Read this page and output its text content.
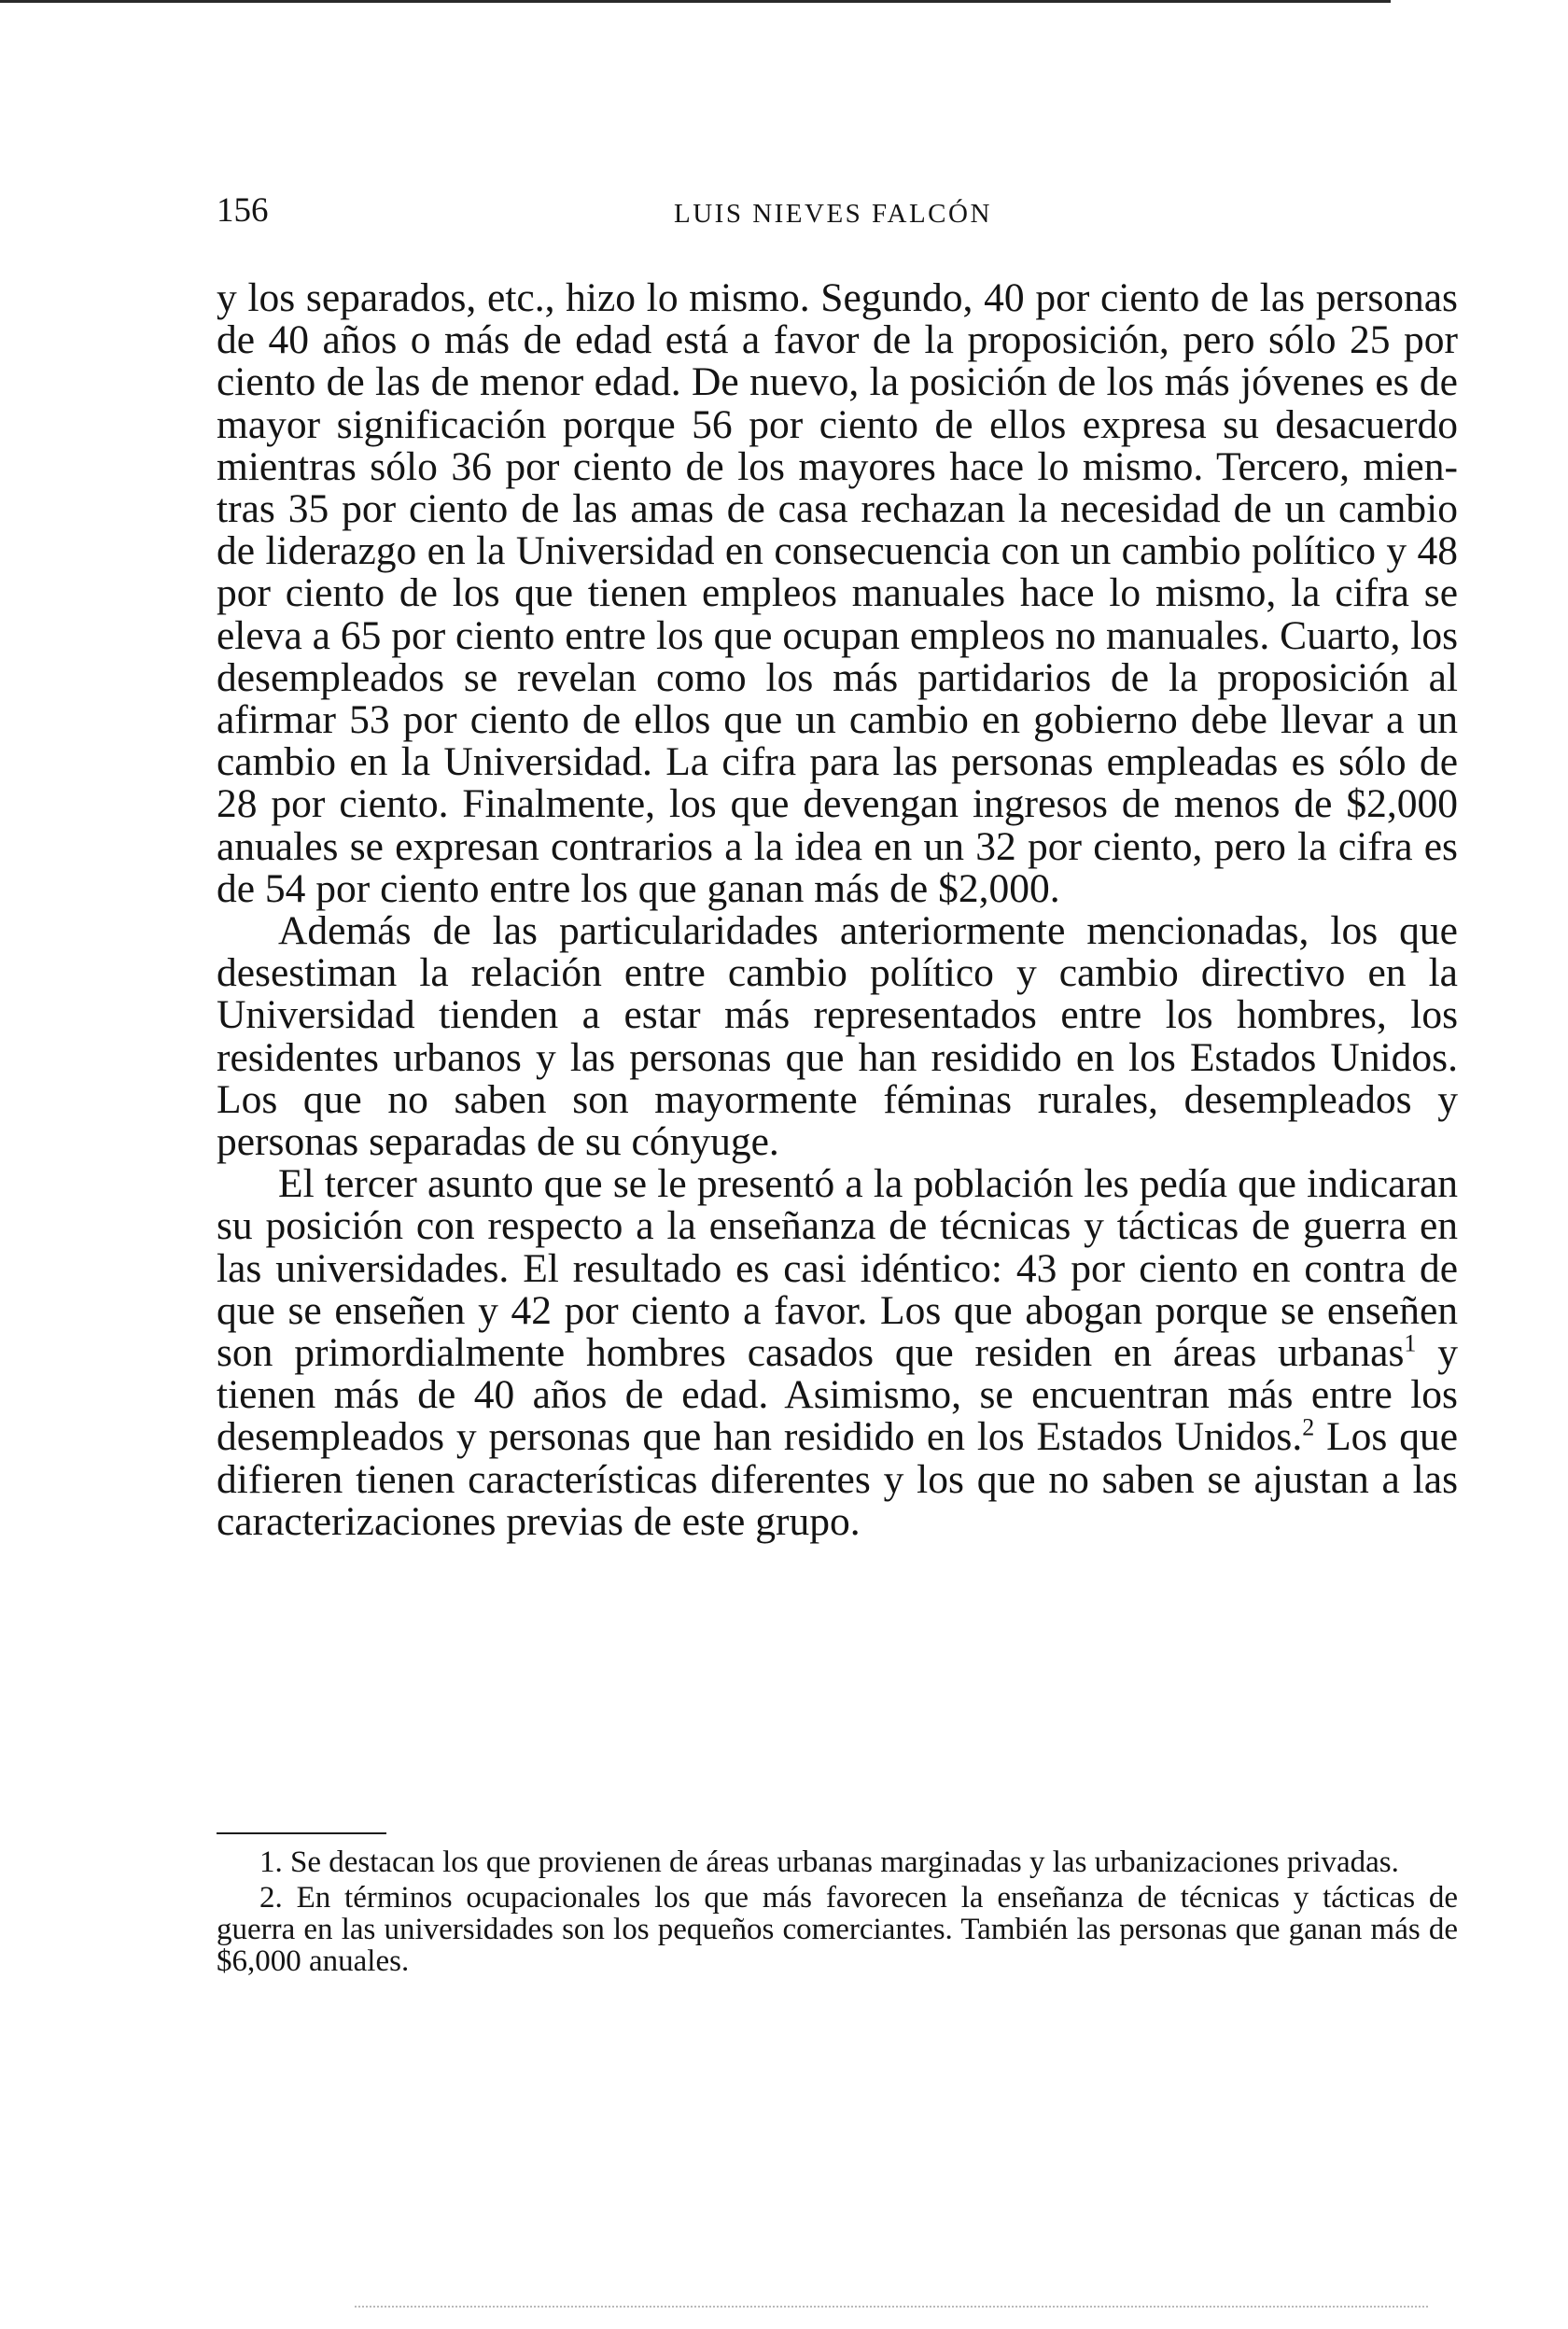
156	LUIS NIEVES FALCÓN

y los separados, etc., hizo lo mismo. Segundo, 40 por ciento de las personas de 40 años o más de edad está a favor de la proposición, pero sólo 25 por ciento de las de menor edad. De nuevo, la posición de los más jóvenes es de mayor significación porque 56 por ciento de ellos expresa su desacuerdo mientras sólo 36 por ciento de los mayores hace lo mismo. Tercero, mientras 35 por ciento de las amas de casa rechazan la necesidad de un cambio de liderazgo en la Universidad en consecuencia con un cambio político y 48 por ciento de los que tienen empleos manuales hace lo mismo, la cifra se eleva a 65 por ciento entre los que ocupan empleos no manuales. Cuarto, los desempleados se revelan como los más partidarios de la proposición al afirmar 53 por ciento de ellos que un cambio en gobierno debe llevar a un cambio en la Universidad. La cifra para las personas empleadas es sólo de 28 por ciento. Finalmente, los que devengan ingresos de menos de $2,000 anuales se expresan contrarios a la idea en un 32 por ciento, pero la cifra es de 54 por ciento entre los que ganan más de $2,000.

Además de las particularidades anteriormente mencionadas, los que desestiman la relación entre cambio político y cambio directivo en la Universidad tienden a estar más representados entre los hombres, los residentes urbanos y las personas que han residido en los Estados Unidos. Los que no saben son mayormente féminas rurales, desempleados y personas separadas de su cónyuge.

El tercer asunto que se le presentó a la población les pedía que indicaran su posición con respecto a la enseñanza de técnicas y tácticas de guerra en las universidades. El resultado es casi idéntico: 43 por ciento en contra de que se enseñen y 42 por ciento a favor. Los que abogan porque se enseñen son primordialmente hombres casados que residen en áreas urbanas$^1$ y tienen más de 40 años de edad. Asimismo, se encuentran más entre los desempleados y personas que han residido en los Estados Unidos.$^2$ Los que difieren tienen características diferentes y los que no saben se ajustan a las caracterizaciones previas de este grupo.

1. Se destacan los que provienen de áreas urbanas marginadas y las urbanizaciones privadas.

2. En términos ocupacionales los que más favorecen la enseñanza de técnicas y tácticas de guerra en las universidades son los pequeños comerciantes. También las personas que ganan más de $6,000 anuales.
